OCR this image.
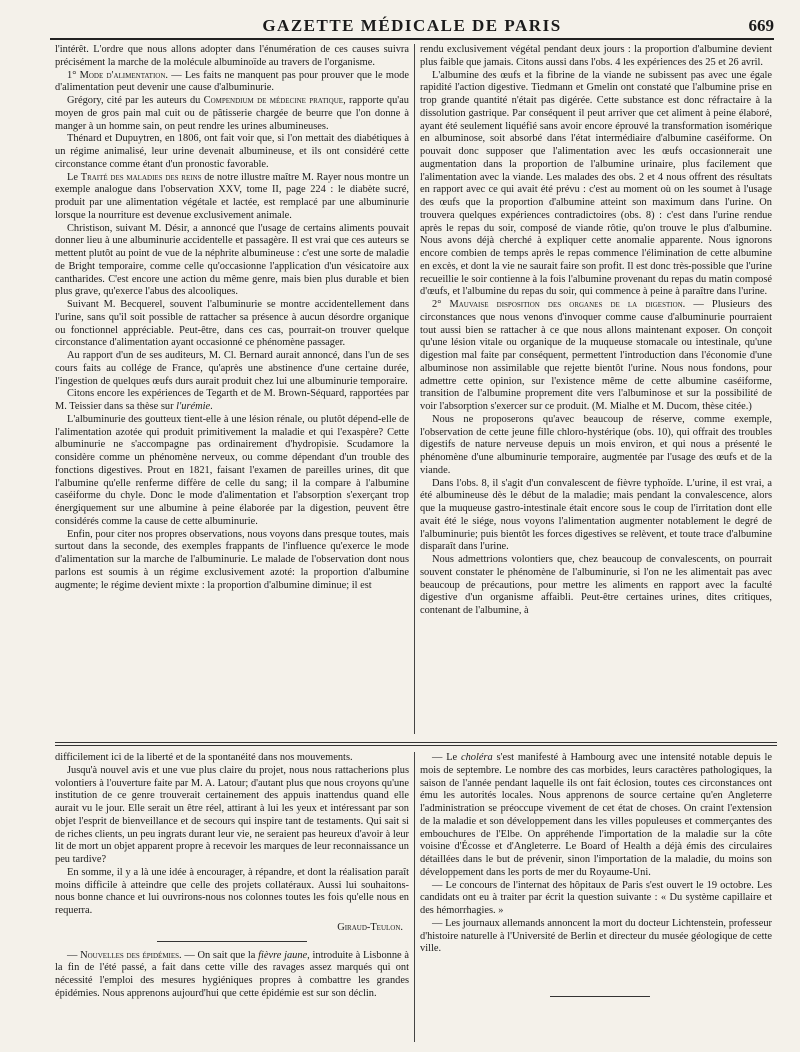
GAZETTE MÉDICALE DE PARIS	669

l'intérêt. L'ordre que nous allons adopter dans l'énumération de ces causes suivra précisément la marche de la molécule albuminoïde au travers de l'organisme.

1° Mode d'alimentation. — Les faits ne manquent pas pour prouver que le mode d'alimentation peut devenir une cause d'albuminurie.

Grégory, cité par les auteurs du Compendium de médecine pratique, rapporte qu'au moyen de gros pain mal cuit ou de pâtisserie chargée de beurre que l'on donne à manger à un homme sain, on peut rendre les urines albumineuses.

Thénard et Dupuytren, en 1806, ont fait voir que, si l'on mettait des diabétiques à un régime animalisé, leur urine devenait albumineuse, et ils ont considéré cette circonstance comme étant d'un pronostic favorable.

Le Traité des maladies des reins de notre illustre maître M. Rayer nous montre un exemple analogue dans l'observation XXV, tome II, page 224 : le diabète sucré, produit par une alimentation végétale et lactée, est remplacé par une albuminurie lorsque la nourriture est devenue exclusivement animale.

Christison, suivant M. Désir, a annoncé que l'usage de certains aliments pouvait donner lieu à une albuminurie accidentelle et passagère. Il est vrai que ces auteurs se mettent plutôt au point de vue de la néphrite albumineuse : c'est une sorte de maladie de Bright temporaire, comme celle qu'occasionne l'application d'un vésicatoire aux cantharides. C'est encore une action du même genre, mais bien plus durable et bien plus grave, qu'exerce l'abus des alcooliques.

Suivant M. Becquerel, souvent l'albuminurie se montre accidentellement dans l'urine, sans qu'il soit possible de rattacher sa présence à aucun désordre organique ou fonctionnel appréciable. Peut-être, dans ces cas, pourrait-on trouver quelque circonstance d'alimentation ayant occasionné ce phénomène passager.

Au rapport d'un de ses auditeurs, M. Cl. Bernard aurait annoncé, dans l'un de ses cours faits au collége de France, qu'après une abstinence d'une certaine durée, l'ingestion de quelques œufs durs aurait produit chez lui une albuminurie temporaire.

Citons encore les expériences de Tegarth et de M. Brown-Séquard, rapportées par M. Teissier dans sa thèse sur l'urémie.

L'albuminurie des goutteux tient-elle à une lésion rénale, ou plutôt dépend-elle de l'alimentation azotée qui produit primitivement la maladie et qui l'exaspère? Cette albuminurie ne s'accompagne pas ordinairement d'hydropisie. Scudamore la considère comme un phénomène nerveux, ou comme dépendant d'un trouble des fonctions digestives. Prout en 1821, faisant l'examen de pareilles urines, dit que l'albumine qu'elle renferme diffère de celle du sang; il la compare à l'albumine caséiforme du chyle. Donc le mode d'alimentation et l'absorption s'exerçant trop énergiquement sur une albumine à peine élaborée par la digestion, peuvent être considérés comme la cause de cette albuminurie.

Enfin, pour citer nos propres observations, nous voyons dans presque toutes, mais surtout dans la seconde, des exemples frappants de l'influence qu'exerce le mode d'alimentation sur la marche de l'albuminurie. Le malade de l'observation dont nous parlons est soumis à un régime exclusivement azoté: la proportion d'albumine augmente; le régime devient mixte : la proportion d'albumine diminue; il est

rendu exclusivement végétal pendant deux jours : la proportion d'albumine devient plus faible que jamais. Citons aussi dans l'obs. 4 les expériences des 25 et 26 avril.

L'albumine des œufs et la fibrine de la viande ne subissent pas avec une égale rapidité l'action digestive. Tiedmann et Gmelin ont constaté que l'albumine prise en trop grande quantité n'était pas digérée. Cette substance est donc réfractaire à la dissolution gastrique. Par conséquent il peut arriver que cet aliment à peine élaboré, ayant été seulement liquéfié sans avoir encore éprouvé la transformation isomérique en albuminose, soit absorbé dans l'état intermédiaire d'albumine caséiforme. On pouvait donc supposer que l'alimentation avec les œufs occasionnerait une augmentation dans la proportion de l'albumine urinaire, plus facilement que l'alimentation avec la viande. Les malades des obs. 2 et 4 nous offrent des résultats en rapport avec ce qui avait été prévu : c'est au moment où on les soumet à l'usage des œufs que la proportion d'albumine atteint son maximum dans l'urine. On trouvera quelques expériences contradictoires (obs. 8) : c'est dans l'urine rendue après le repas du soir, composé de viande rôtie, qu'on trouve le plus d'albumine. Nous avons déjà cherché à expliquer cette anomalie apparente. Nous ignorons encore combien de temps après le repas commence l'élimination de cette albumine en excès, et dont la vie ne saurait faire son profit. Il est donc très-possible que l'urine recueillie le soir contienne à la fois l'albumine provenant du repas du matin composé d'œufs, et l'albumine du repas du soir, qui commence à peine à paraître dans l'urine.

2° Mauvaise disposition des organes de la digestion. — Plusieurs des circonstances que nous venons d'invoquer comme cause d'albuminurie pourraient tout aussi bien se rattacher à ce que nous allons maintenant exposer. On conçoit qu'une lésion vitale ou organique de la muqueuse stomacale ou intestinale, qu'une digestion mal faite par conséquent, permettent l'introduction dans l'économie d'une albuminose non assimilable que rejette bientôt l'urine. Nous nous fondons, pour admettre cette opinion, sur l'existence même de cette albumine caséiforme, transition de l'albumine proprement dite vers l'albuminose et sur la possibilité de voir l'absorption s'exercer sur ce produit. (M. Mialhe et M. Ducom, thèse citée.)

Nous ne proposerons qu'avec beaucoup de réserve, comme exemple, l'observation de cette jeune fille chloro-hystérique (obs. 10), qui offrait des troubles digestifs de nature nerveuse depuis un mois environ, et qui nous a présenté le phénomène d'une albuminurie temporaire, augmentée par l'usage des œufs et de la viande.

Dans l'obs. 8, il s'agit d'un convalescent de fièvre typhoïde. L'urine, il est vrai, a été albumineuse dès le début de la maladie; mais pendant la convalescence, alors que la muqueuse gastro-intestinale était encore sous le coup de l'irritation dont elle avait été le siége, nous voyons l'alimentation augmenter notablement le degré de l'albuminurie; puis bientôt les forces digestives se relèvent, et toute trace d'albumine disparaît dans l'urine.

Nous admettrions volontiers que, chez beaucoup de convalescents, on pourrait souvent constater le phénomène de l'albuminurie, si l'on ne les alimentait pas avec beaucoup de précautions, pour mettre les aliments en rapport avec la faculté digestive d'un organisme affaibli. Peut-être certaines urines, dites critiques, contenant de l'albumine, à

difficilement ici de la liberté et de la spontanéité dans nos mouvements.

Jusqu'à nouvel avis et une vue plus claire du projet, nous nous rattacherions plus volontiers à l'ouverture faite par M. A. Latour; d'autant plus que nous croyons qu'une institution de ce genre trouverait certainement des appuis inattendus quand elle aurait vu le jour. Elle serait un être réel, attirant à lui les yeux et intéressant par son objet l'esprit de bienveillance et de secours qui inspire tant de testaments. Qui sait si de riches clients, un peu ingrats durant leur vie, ne seraient pas heureux d'avoir à leur lit de mort un objet apparent propre à recevoir les marques de leur reconnaissance un peu tardive?

En somme, il y a là une idée à encourager, à répandre, et dont la réalisation paraît moins difficile à atteindre que celle des projets collatéraux. Aussi lui souhaitons-nous bonne chance et lui ouvrirons-nous nos colonnes toutes les fois qu'elle nous en requerra.

Giraud-Teulon.

— Nouvelles des épidémies. — On sait que la fièvre jaune, introduite à Lisbonne à la fin de l'été passé, a fait dans cette ville des ravages assez marqués qui ont nécessité l'emploi des mesures hygiéniques propres à combattre les grandes épidémies. Nous apprenons aujourd'hui que cette épidémie est sur son déclin.

— Le choléra s'est manifesté à Hambourg avec une intensité notable depuis le mois de septembre. Le nombre des cas morbides, leurs caractères pathologiques, la saison de l'année pendant laquelle ils ont fait éclosion, toutes ces circonstances ont ému les autorités locales. Nous apprenons de source certaine qu'en Angleterre l'administration se préoccupe vivement de cet état de choses. On craint l'extension de la maladie et son développement dans les villes populeuses et commerçantes des embouchures de l'Elbe. On appréhende l'importation de la maladie sur la côte voisine d'Écosse et d'Angleterre. Le Board of Health a déjà émis des circulaires détaillées dans le but de prévenir, sinon l'importation de la maladie, du moins son développement dans les ports de mer du Royaume-Uni.

— Le concours de l'internat des hôpitaux de Paris s'est ouvert le 19 octobre. Les candidats ont eu à traiter par écrit la question suivante : « Du système capillaire et des hémorrhagies. »

— Les journaux allemands annoncent la mort du docteur Lichtenstein, professeur d'histoire naturelle à l'Université de Berlin et directeur du musée géologique de cette ville.
